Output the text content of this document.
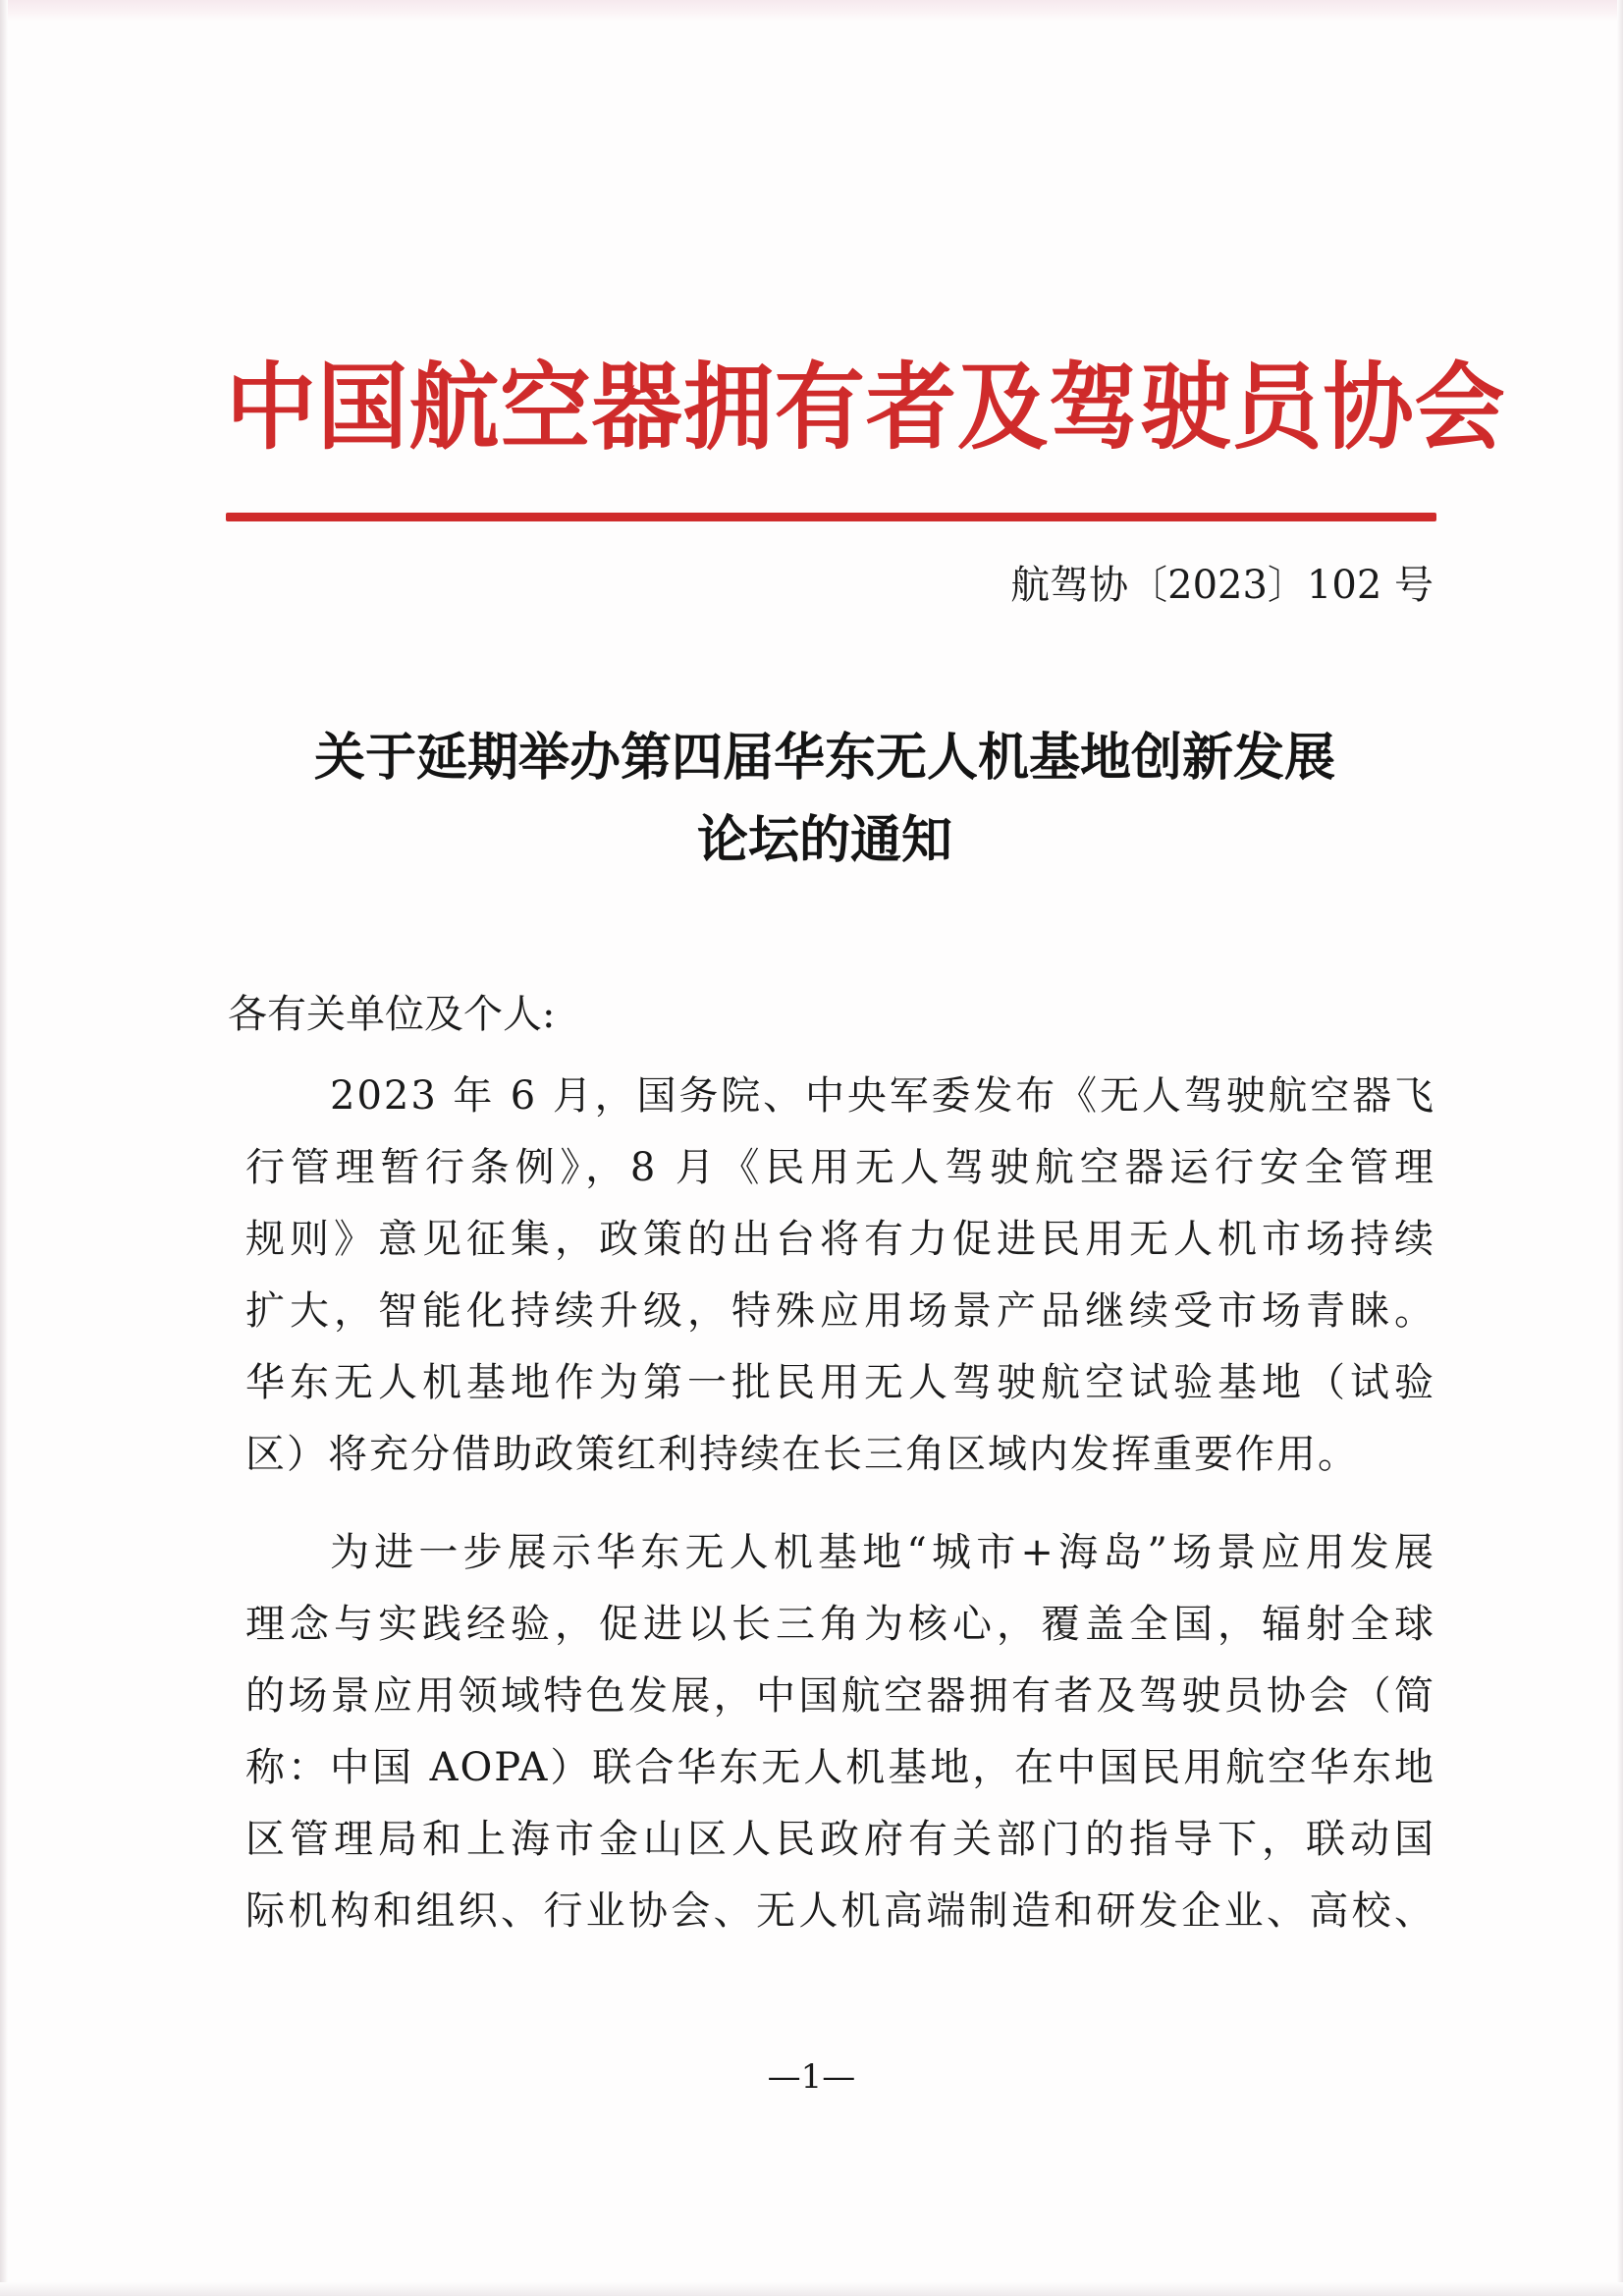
中国航空器拥有者及驾驶员协会
航驾协〔2023〕102 号
关于延期举办第四届华东无人机基地创新发展
论坛的通知
各有关单位及个人:
2023 年 6 月，国务院、中央军委发布《无人驾驶航空器飞
行管理暂行条例》，8 月《民用无人驾驶航空器运行安全管理
规则》意见征集，政策的出台将有力促进民用无人机市场持续
扩大，智能化持续升级，特殊应用场景产品继续受市场青睐。
华东无人机基地作为第一批民用无人驾驶航空试验基地（试验
区）将充分借助政策红利持续在长三角区域内发挥重要作用。
为进一步展示华东无人机基地“城市+海岛”场景应用发展
理念与实践经验，促进以长三角为核心，覆盖全国，辐射全球
的场景应用领域特色发展，中国航空器拥有者及驾驶员协会（简
称：中国 AOPA）联合华东无人机基地，在中国民用航空华东地
区管理局和上海市金山区人民政府有关部门的指导下，联动国
际机构和组织、行业协会、无人机高端制造和研发企业、高校、
—1—
